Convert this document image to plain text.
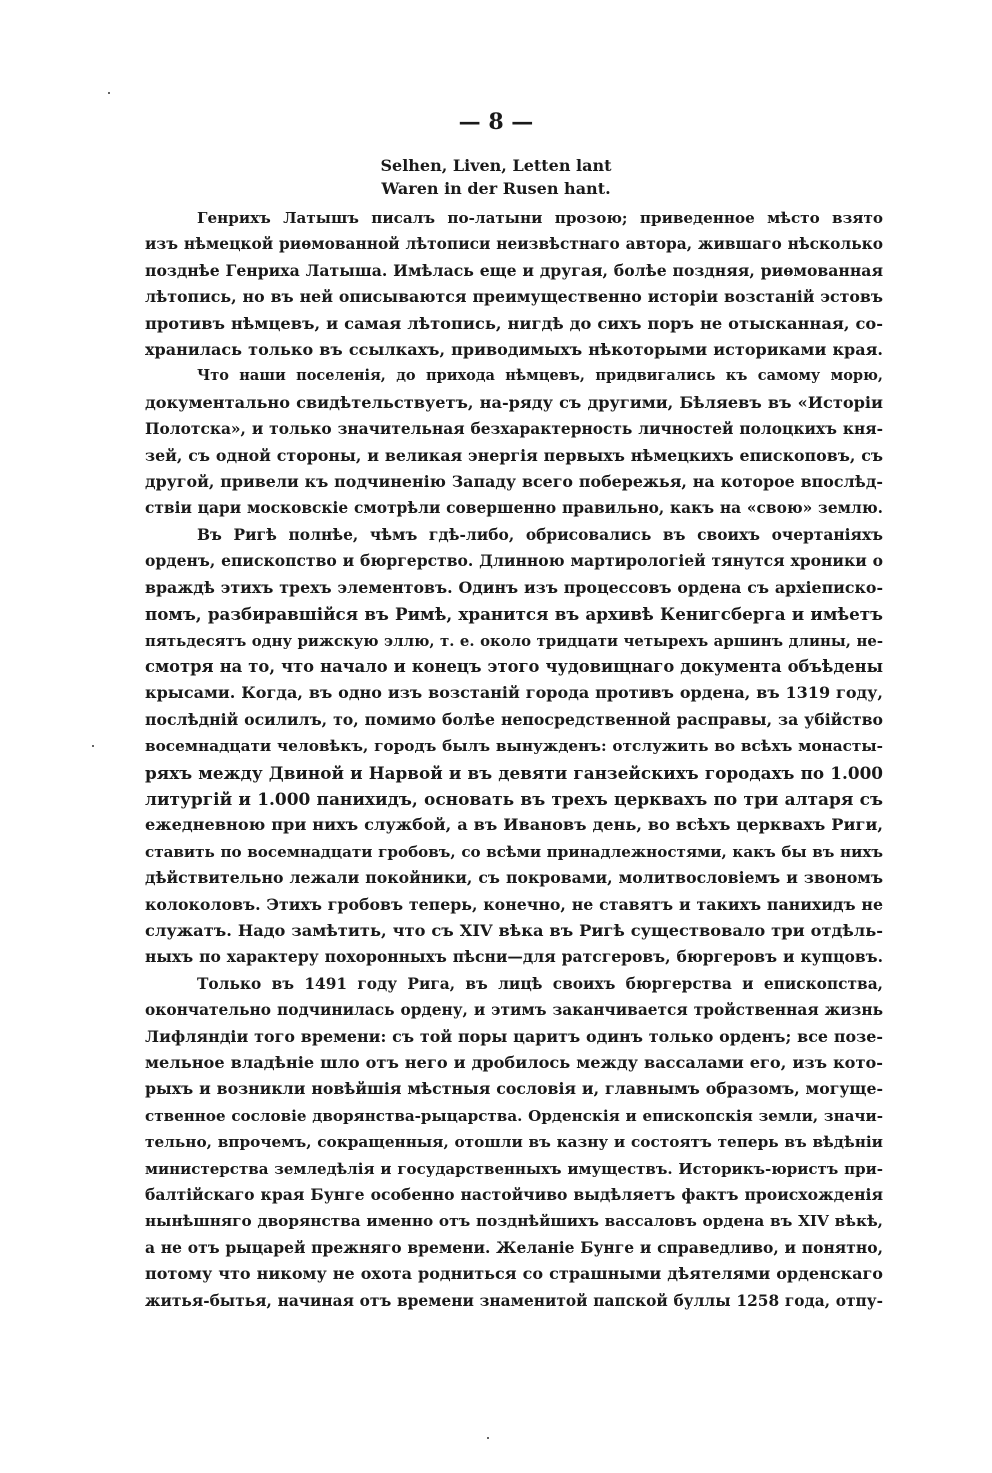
— 8 —
Selhen, Liven, Letten lant
Waren in der Rusen hant.
Генрихъ Латышъ писалъ по-латыни прозою; приведенное мѣсто взято
изъ нѣмецкой риѳмованной лѣтописи неизвѣстнаго автора, жившаго нѣсколько
позднѣе Генриха Латыша. Имѣлась еще и другая, болѣе поздняя, риѳмованная
лѣтопись, но въ ней описываются преимущественно исторіи возстаній эстовъ
противъ нѣмцевъ, и самая лѣтопись, нигдѣ до сихъ поръ не отысканная, со-
хранилась только въ ссылкахъ, приводимыхъ нѣкоторыми историками края.
Что наши поселенія, до прихода нѣмцевъ, придвигались къ самому морю,
документально свидѣтельствуетъ, на-ряду съ другими, Бѣляевъ въ «Исторіи
Полотска», и только значительная безхарактерность личностей полоцкихъ кня-
зей, съ одной стороны, и великая энергія первыхъ нѣмецкихъ епископовъ, съ
другой, привели къ подчиненію Западу всего побережья, на которое впослѣд-
ствіи цари московскіе смотрѣли совершенно правильно, какъ на «свою» землю.
Въ Ригѣ полнѣе, чѣмъ гдѣ-либо, обрисовались въ своихъ очертаніяхъ
орденъ, епископство и бюргерство. Длинною мартирологіей тянутся хроники о
враждѣ этихъ трехъ элементовъ. Одинъ изъ процессовъ ордена съ архіеписко-
помъ, разбиравшійся въ Римѣ, хранится въ архивѣ Кенигсберга и имѣетъ
пятьдесятъ одну рижскую эллю, т. е. около тридцати четырехъ аршинъ длины, не-
смотря на то, что начало и конецъ этого чудовищнаго документа объѣдены
крысами. Когда, въ одно изъ возстаній города противъ ордена, въ 1319 году,
послѣдній осилилъ, то, помимо болѣе непосредственной расправы, за убійство
восемнадцати человѣкъ, городъ былъ вынужденъ: отслужить во всѣхъ монасты-
ряхъ между Двиной и Нарвой и въ девяти ганзейскихъ городахъ по 1.000
литургій и 1.000 панихидъ, основать въ трехъ церквахъ по три алтаря съ
ежедневною при нихъ службой, а въ Ивановъ день, во всѣхъ церквахъ Риги,
ставить по восемнадцати гробовъ, со всѣми принадлежностями, какъ бы въ нихъ
дѣйствительно лежали покойники, съ покровами, молитвословіемъ и звономъ
колоколовъ. Этихъ гробовъ теперь, конечно, не ставятъ и такихъ панихидъ не
служатъ. Надо замѣтить, что съ XIV вѣка въ Ригѣ существовало три отдѣль-
ныхъ по характеру похоронныхъ пѣсни—для ратсгеровъ, бюргеровъ и купцовъ.
Только въ 1491 году Рига, въ лицѣ своихъ бюргерства и епископства,
окончательно подчинилась ордену, и этимъ заканчивается тройственная жизнь
Лифляндіи того времени: съ той поры царитъ одинъ только орденъ; все позе-
мельное владѣніе шло отъ него и дробилось между вассалами его, изъ кото-
рыхъ и возникли новѣйшія мѣстныя сословія и, главнымъ образомъ, могуще-
ственное сословіе дворянства-рыцарства. Орденскія и епископскія земли, значи-
тельно, впрочемъ, сокращенныя, отошли въ казну и состоятъ теперь въ вѣдѣніи
министерства земледѣлія и государственныхъ имуществъ. Историкъ-юристъ при-
балтійскаго края Бунге особенно настойчиво выдѣляетъ фактъ происхожденія
нынѣшняго дворянства именно отъ позднѣйшихъ вассаловъ ордена въ XIV вѣкѣ,
а не отъ рыцарей прежняго времени. Желаніе Бунге и справедливо, и понятно,
потому что никому не охота родниться со страшными дѣятелями орденскаго
житья-бытья, начиная отъ времени знаменитой папской буллы 1258 года, отпу-
